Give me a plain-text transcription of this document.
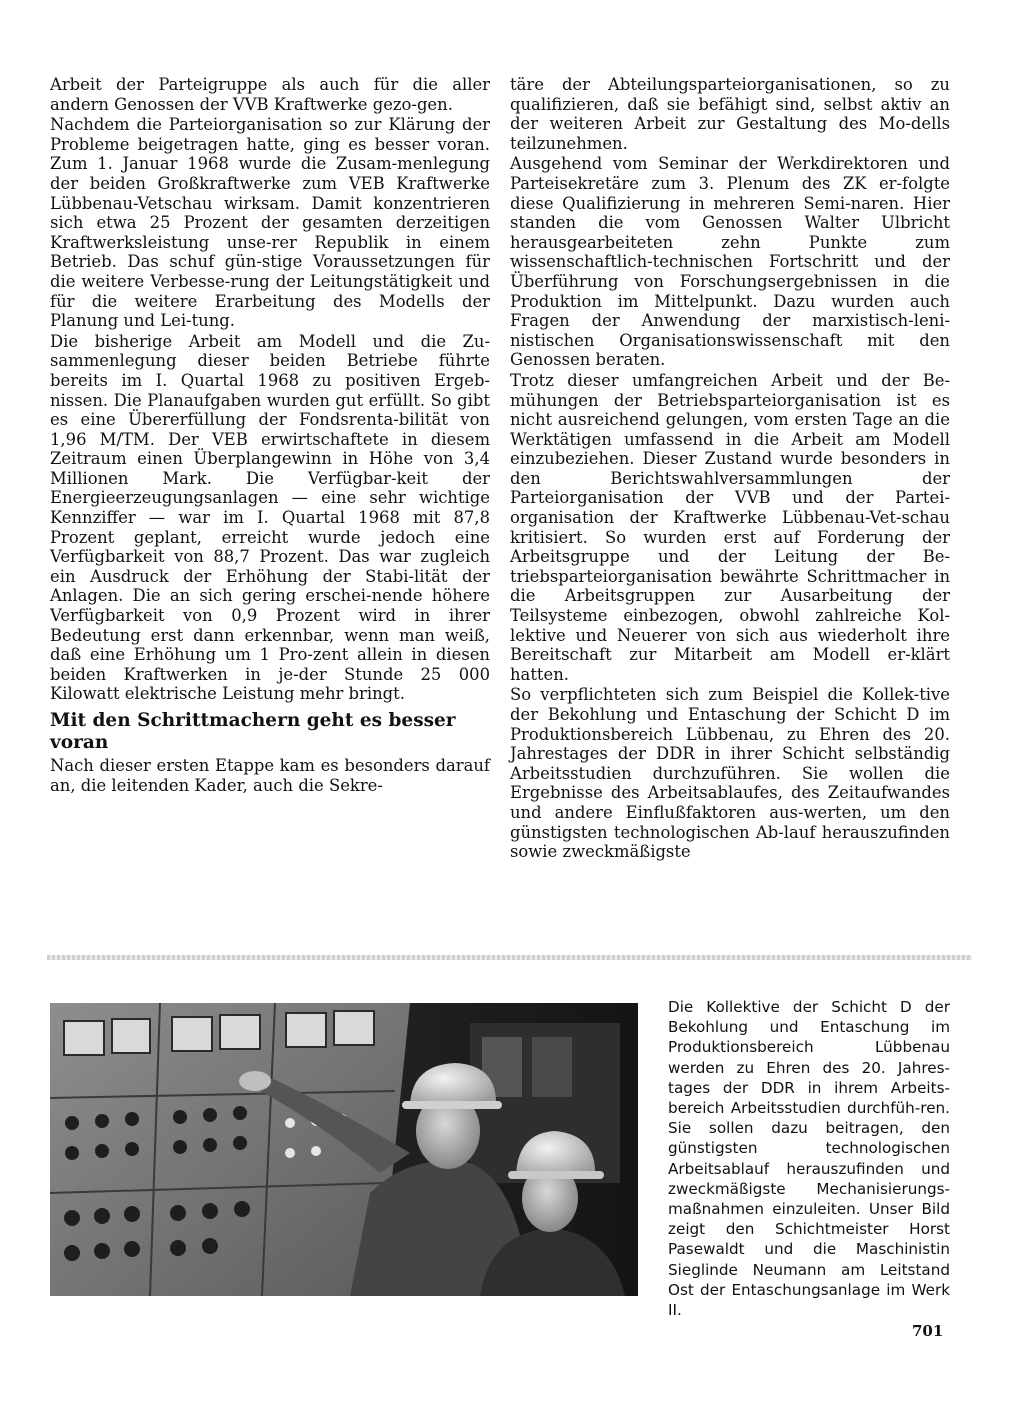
Arbeit der Parteigruppe als auch für die aller andern Genossen der VVB Kraftwerke gezo-gen.

Nachdem die Parteiorganisation so zur Klärung der Probleme beigetragen hatte, ging es besser voran. Zum 1. Januar 1968 wurde die Zusam-menlegung der beiden Großkraftwerke zum VEB Kraftwerke Lübbenau-Vetschau wirksam. Damit konzentrieren sich etwa 25 Prozent der gesamten derzeitigen Kraftwerksleistung unse-rer Republik in einem Betrieb. Das schuf gün-stige Voraussetzungen für die weitere Verbesse-rung der Leitungstätigkeit und für die weitere Erarbeitung des Modells der Planung und Lei-tung.

Die bisherige Arbeit am Modell und die Zu-sammenlegung dieser beiden Betriebe führte bereits im I. Quartal 1968 zu positiven Ergeb-nissen. Die Planaufgaben wurden gut erfüllt. So gibt es eine Übererfüllung der Fondsrenta-bilität von 1,96 M/TM. Der VEB erwirtschaftete in diesem Zeitraum einen Überplangewinn in Höhe von 3,4 Millionen Mark. Die Verfügbar-keit der Energieerzeugungsanlagen — eine sehr wichtige Kennziffer — war im I. Quartal 1968 mit 87,8 Prozent geplant, erreicht wurde jedoch eine Verfügbarkeit von 88,7 Prozent. Das war zugleich ein Ausdruck der Erhöhung der Stabi-lität der Anlagen. Die an sich gering erschei-nende höhere Verfügbarkeit von 0,9 Prozent wird in ihrer Bedeutung erst dann erkennbar, wenn man weiß, daß eine Erhöhung um 1 Pro-zent allein in diesen beiden Kraftwerken in je-der Stunde 25 000 Kilowatt elektrische Leistung mehr bringt.

Mit den Schrittmachern geht es besser voran

Nach dieser ersten Etappe kam es besonders darauf an, die leitenden Kader, auch die Sekre-

täre der Abteilungsparteiorganisationen, so zu qualifizieren, daß sie befähigt sind, selbst aktiv an der weiteren Arbeit zur Gestaltung des Mo-dells teilzunehmen.

Ausgehend vom Seminar der Werkdirektoren und Parteisekretäre zum 3. Plenum des ZK er-folgte diese Qualifizierung in mehreren Semi-naren. Hier standen die vom Genossen Walter Ulbricht herausgearbeiteten zehn Punkte zum wissenschaftlich-technischen Fortschritt und der Überführung von Forschungsergebnissen in die Produktion im Mittelpunkt. Dazu wurden auch Fragen der Anwendung der marxistisch-leni-nistischen Organisationswissenschaft mit den Genossen beraten.

Trotz dieser umfangreichen Arbeit und der Be-mühungen der Betriebsparteiorganisation ist es nicht ausreichend gelungen, vom ersten Tage an die Werktätigen umfassend in die Arbeit am Modell einzubeziehen. Dieser Zustand wurde besonders in den Berichtswahlversammlungen der Parteiorganisation der VVB und der Partei-organisation der Kraftwerke Lübbenau-Vet-schau kritisiert. So wurden erst auf Forderung der Arbeitsgruppe und der Leitung der Be-triebsparteiorganisation bewährte Schrittmacher in die Arbeitsgruppen zur Ausarbeitung der Teilsysteme einbezogen, obwohl zahlreiche Kol-lektive und Neuerer von sich aus wiederholt ihre Bereitschaft zur Mitarbeit am Modell er-klärt hatten.

So verpflichteten sich zum Beispiel die Kollek-tive der Bekohlung und Entaschung der Schicht D im Produktionsbereich Lübbenau, zu Ehren des 20. Jahrestages der DDR in ihrer Schicht selbständig Arbeitsstudien durchzuführen. Sie wollen die Ergebnisse des Arbeitsablaufes, des Zeitaufwandes und andere Einflußfaktoren aus-werten, um den günstigsten technologischen Ab-lauf herauszufinden sowie zweckmäßigste

Die Kollektive der Schicht D der Bekohlung und Entaschung im Produktionsbereich Lübbenau werden zu Ehren des 20. Jahres-tages der DDR in ihrem Arbeits-bereich Arbeitsstudien durchfüh-ren. Sie sollen dazu beitragen, den günstigsten technologischen Arbeitsablauf herauszufinden und zweckmäßigste Mechanisierungs-maßnahmen einzuleiten. Unser Bild zeigt den Schichtmeister Horst Pasewaldt und die Maschinistin Sieglinde Neumann am Leitstand Ost der Entaschungsanlage im Werk II.

701
